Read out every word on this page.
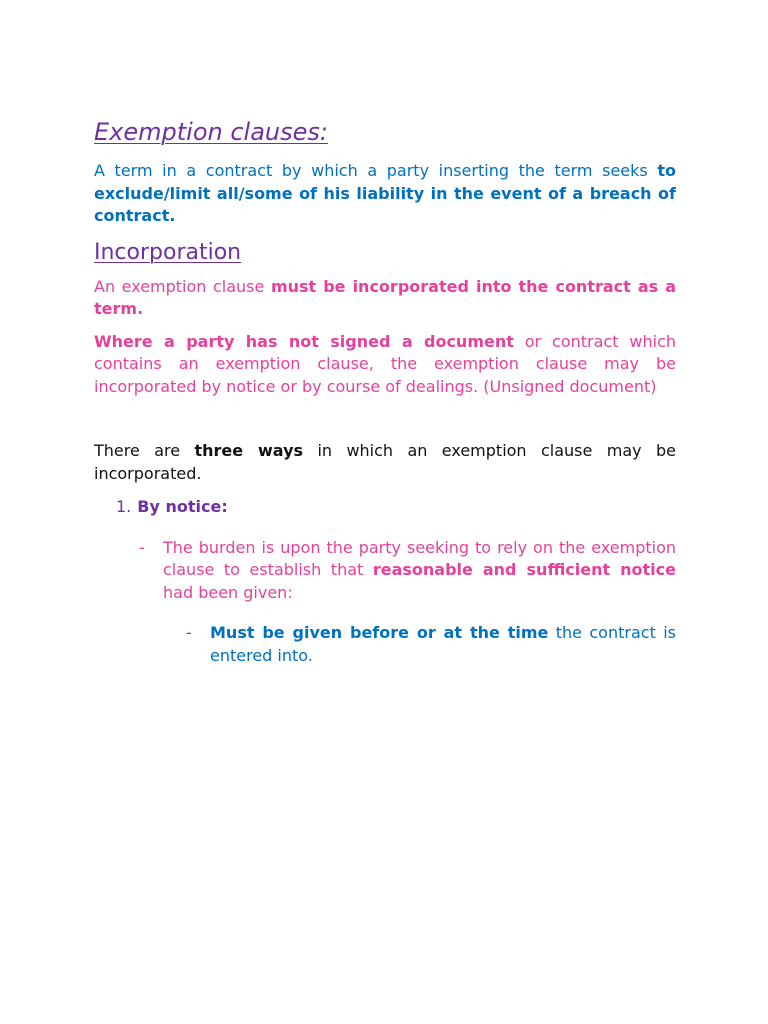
Exemption clauses:

A term in a contract by which a party inserting the term seeks to exclude/limit all/some of his liability in the event of a breach of contract.

Incorporation

An exemption clause must be incorporated into the contract as a term.

Where a party has not signed a document or contract which contains an exemption clause, the exemption clause may be incorporated by notice or by course of dealings. (Unsigned document)

There are three ways in which an exemption clause may be incorporated.

1. By notice:
-	The burden is upon the party seeking to rely on the exemption clause to establish that reasonable and sufficient notice had been given:

-	Must be given before or at the time the contract is entered into.
